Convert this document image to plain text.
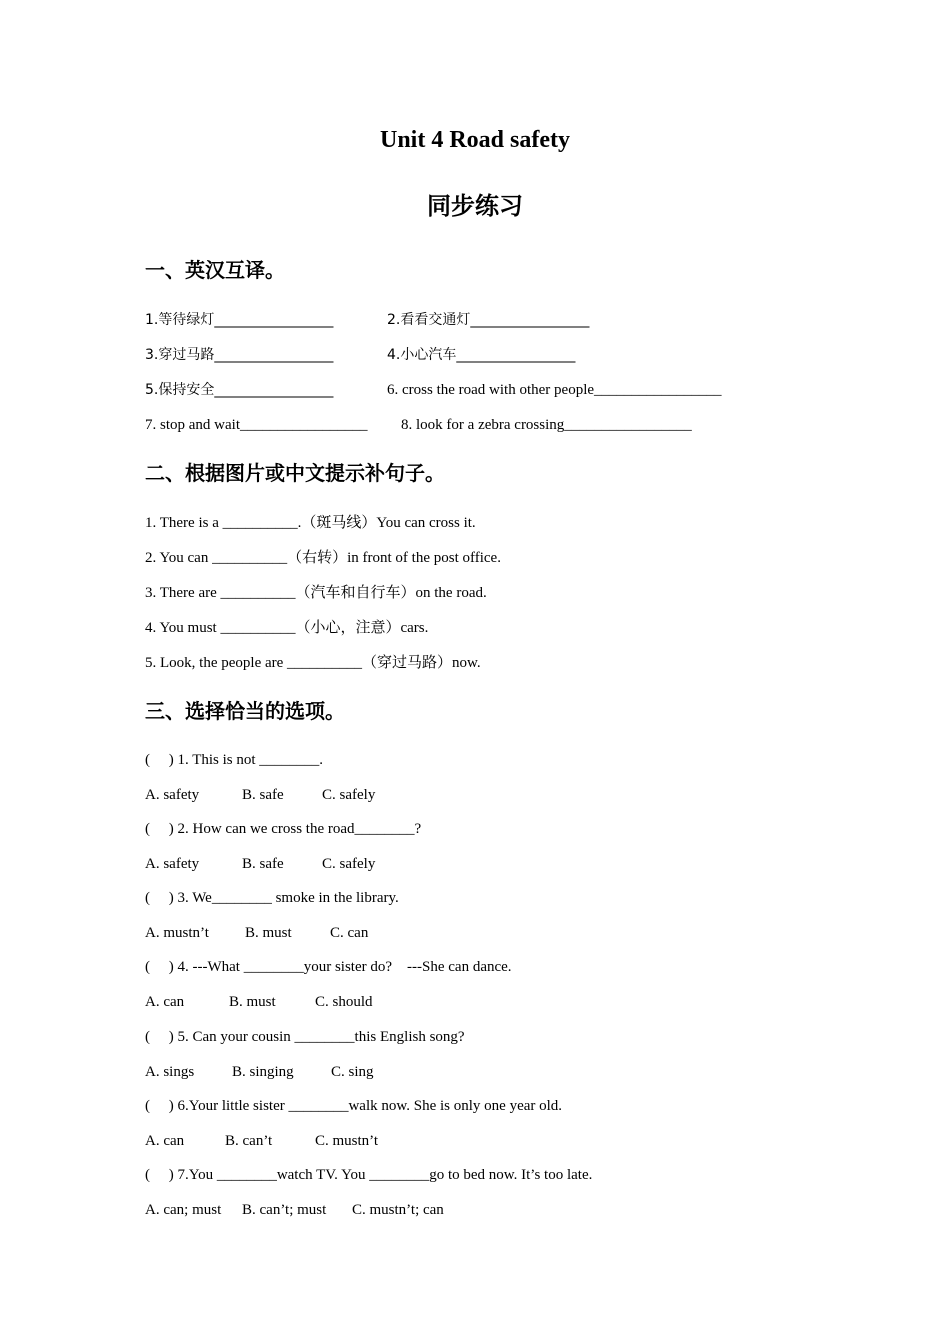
Unit 4 Road safety
同步练习
一、英汉互译。
1.等待绿灯_________________	2.看看交通灯_________________
3.穿过马路_________________	4.小心汽车_________________
5.保持安全_________________	6. cross the road with other people_________________
7. stop and wait_________________ 8. look for a zebra crossing_________________
二、根据图片或中文提示补句子。
1. There is a __________.（斑马线）You can cross it.
2. You can __________（右转）in front of the post office.
3. There are __________（汽车和自行车）on the road.
4. You must __________（小心，注意）cars.
5. Look, the people are __________（穿过马路）now.
三、选择恰当的选项。
(     ) 1. This is not ________.
A. safety	B. safe	C. safely
(     ) 2. How can we cross the road________?
A. safety	B. safe	C. safely
(     ) 3. We________ smoke in the library.
A. mustn’t B. must	C. can
(     ) 4. ---What ________your sister do?    ---She can dance.
A. can	B. must	C. should
(     ) 5. Can your cousin ________this English song?
A. sings	B. singing C. sing
(     ) 6.Your little sister ________walk now. She is only one year old.
A. can	B. can’t	C. mustn’t
(     ) 7.You ________watch TV. You ________go to bed now. It’s too late.
A. can; must B. can’t; must C. mustn’t; can
